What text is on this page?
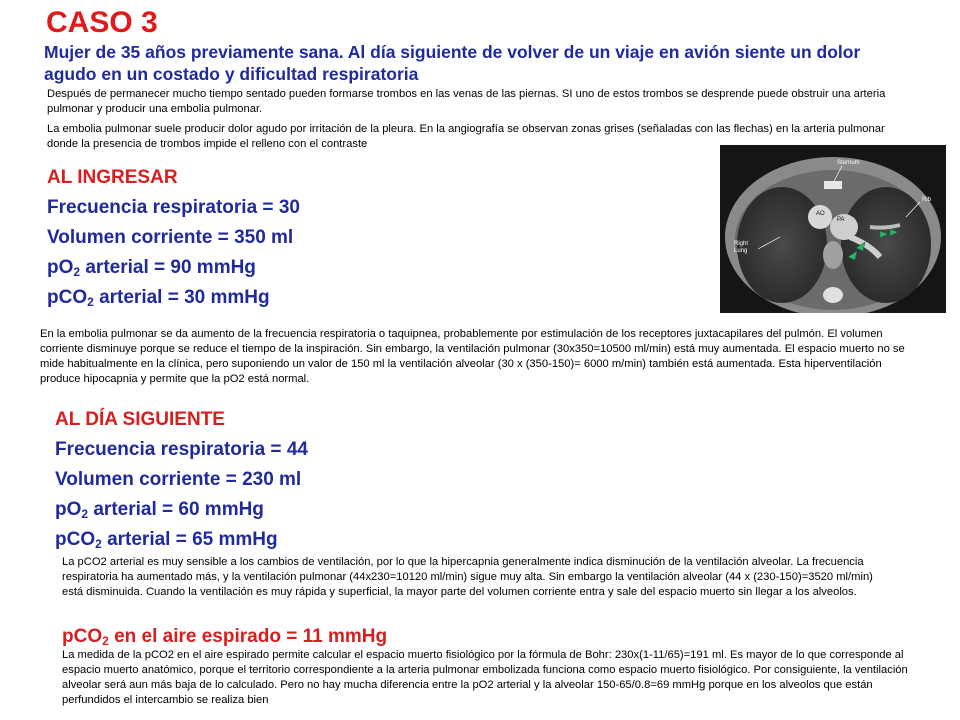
CASO 3
Mujer de 35 años previamente sana. Al día siguiente de volver de un viaje en avión siente un dolor agudo en un costado y dificultad respiratoria
Después de permanecer mucho tiempo sentado pueden formarse trombos en las venas de las piernas. SI uno de estos trombos se desprende puede obstruir una arteria pulmonar y producir una embolia pulmonar.
La embolia pulmonar suele producir dolor agudo por irritación de la pleura. En la angiografía se observan zonas grises (señaladas con las flechas) en la arteria pulmonar donde la presencia de trombos impide el relleno con el contraste
Sternum
Rib
AO
PA
Right Lung
AL INGRESAR
Frecuencia respiratoria = 30
Volumen corriente = 350 ml
$pO_2$ arterial = 90 mmHg
pCO$_2$ arterial = 30 mmHg
En la embolia pulmonar se da aumento de la frecuencia respiratoria o taquipnea, probablemente por estimulación de los receptores juxtacapilares del pulmón. El volumen corriente disminuye porque se reduce el tiempo de la inspiración. Sin embargo, la ventilación pulmonar (30x350=10500 ml/min) está muy aumentada. El espacio muerto no se mide habitualmente en la clínica, pero suponiendo un valor de 150 ml la ventilación alveolar (30 x (350-150)= 6000 m/min) también está aumentada. Esta hiperventilación produce hipocapnia y permite que la pO2 está normal.
AL DÍA SIGUIENTE
Frecuencia respiratoria = 44
Volumen corriente = 230 ml
$pO_2$ arterial = 60 mmHg
pCO$_2$ arterial = 65 mmHg
La pCO2 arterial es muy sensible a los cambios de ventilación, por lo que la hipercapnia generalmente indica disminución de la ventilación alveolar. La frecuencia respiratoria ha aumentado más, y la ventilación pulmonar (44x230=10120 ml/min) sigue muy alta. Sin embargo la ventilación alveolar (44 x (230-150)=3520 ml/min) está disminuida. Cuando la ventilación es muy rápida y superficial, la mayor parte del volumen corriente entra y sale del espacio muerto sin llegar a los alveolos.
pCO$_2$ en el aire espirado = 11 mmHg
La medida de la pCO2 en el aire espirado permite calcular el espacio muerto fisiológico por la fórmula de Bohr: 230x(1-11/65)=191 ml. Es mayor de lo que corresponde al espacio muerto anatómico, porque el territorio correspondiente a la arteria pulmonar embolizada funciona como espacio muerto fisiológico. Por consiguiente, la ventilación alveolar será aun más baja de lo calculado. Pero no hay mucha diferencia entre la pO2 arterial y la alveolar 150-65/0.8=69 mmHg porque en los alveolos que están perfundidos el intercambio se realiza bien
